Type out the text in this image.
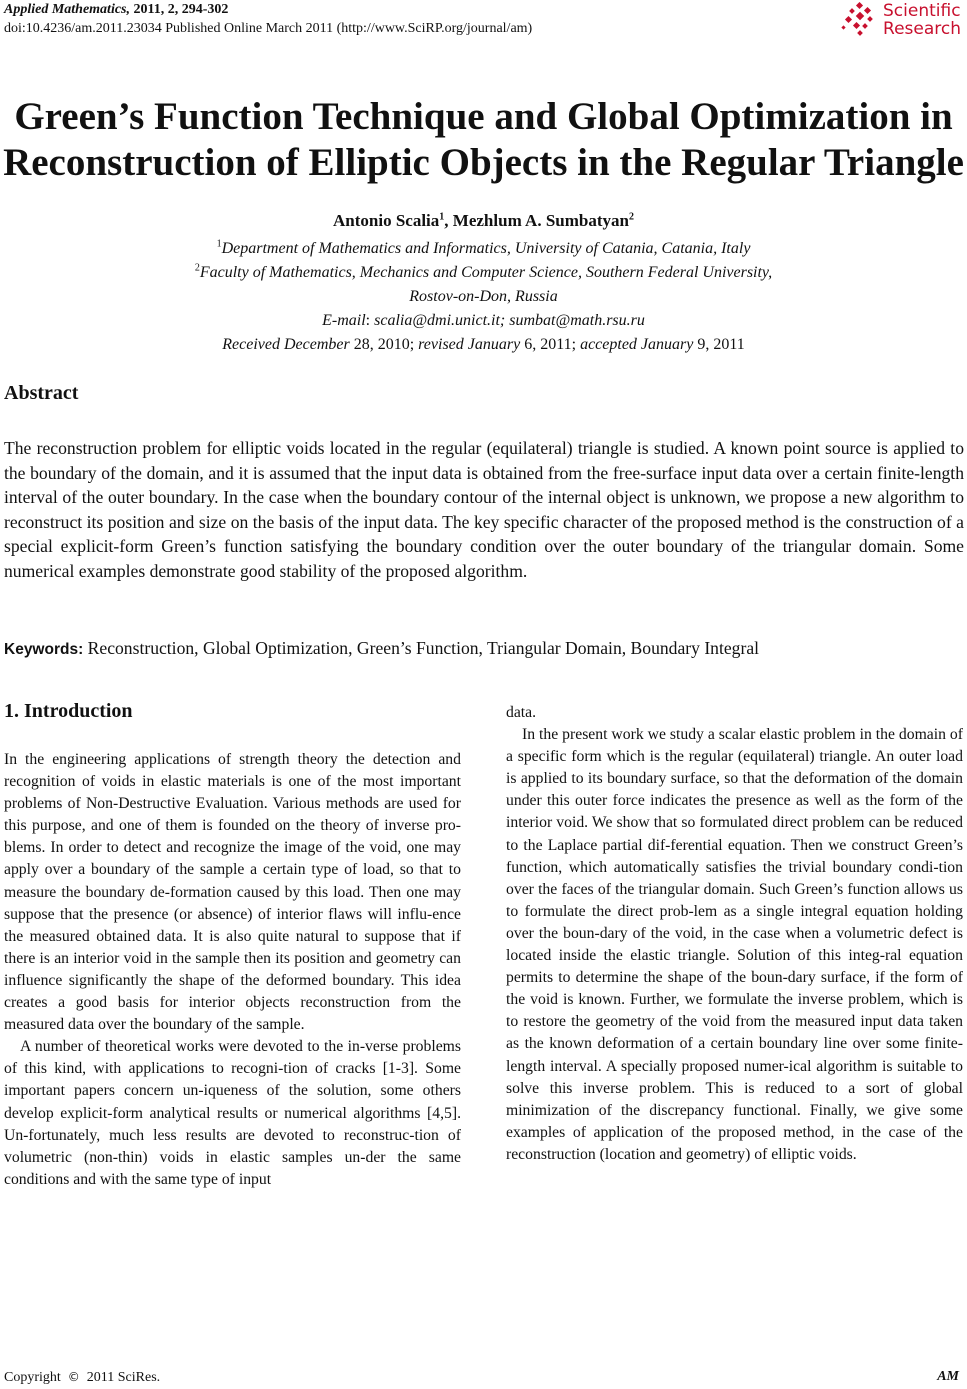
Applied Mathematics, 2011, 2, 294-302
doi:10.4236/am.2011.23034 Published Online March 2011 (http://www.SciRP.org/journal/am)
Scientific
Research
Green’s Function Technique and Global Optimization in
Reconstruction of Elliptic Objects in the Regular Triangle
Antonio Scalia$^1$, Mezhlum A. Sumbatyan$^2$
$^1$Department of Mathematics and Informatics, University of Catania, Catania, Italy
$^2$Faculty of Mathematics, Mechanics and Computer Science, Southern Federal University,
Rostov-on-Don, Russia
E-mail: scalia@dmi.unict.it; sumbat@math.rsu.ru
Received December 28, 2010; revised January 6, 2011; accepted January 9, 2011
Abstract

The reconstruction problem for elliptic voids located in the regular (equilateral) triangle is studied. A known point source is applied to the boundary of the domain, and it is assumed that the input data is obtained from the free-surface input data over a certain finite-length interval of the outer boundary. In the case when the boundary contour of the internal object is unknown, we propose a new algorithm to reconstruct its position and size on the basis of the input data. The key specific character of the proposed method is the construction of a special explicit-form Green’s function satisfying the boundary condition over the outer boundary of the triangular domain. Some numerical examples demonstrate good stability of the proposed algorithm.

Keywords: Reconstruction, Global Optimization, Green’s Function, Triangular Domain, Boundary Integral
1. Introduction

In the engineering applications of strength theory the detection and recognition of voids in elastic materials is one of the most important problems of Non-Destructive Evaluation. Various methods are used for this purpose, and one of them is founded on the theory of inverse pro-blems. In order to detect and recognize the image of the void, one may apply over a boundary of the sample a certain type of load, so that to measure the boundary de-formation caused by this load. Then one may suppose that the presence (or absence) of interior flaws will influ-ence the measured obtained data. It is also quite natural to suppose that if there is an interior void in the sample then its position and geometry can influence significantly the shape of the deformed boundary. This idea creates a good basis for interior objects reconstruction from the measured data over the boundary of the sample.

A number of theoretical works were devoted to the in-verse problems of this kind, with applications to recogni-tion of cracks [1-3]. Some important papers concern un-iqueness of the solution, some others develop explicit-form analytical results or numerical algorithms [4,5]. Un-fortunately, much less results are devoted to reconstruc-tion of volumetric (non-thin) voids in elastic samples un-der the same conditions and with the same type of input

data.

In the present work we study a scalar elastic problem in the domain of a specific form which is the regular (equilateral) triangle. An outer load is applied to its boundary surface, so that the deformation of the domain under this outer force indicates the presence as well as the form of the interior void. We show that so formulated direct problem can be reduced to the Laplace partial dif-ferential equation. Then we construct Green’s function, which automatically satisfies the trivial boundary condi-tion over the faces of the triangular domain. Such Green’s function allows us to formulate the direct prob-lem as a single integral equation holding over the boun-dary of the void, in the case when a volumetric defect is located inside the elastic triangle. Solution of this integ-ral equation permits to determine the shape of the boun-dary surface, if the form of the void is known. Further, we formulate the inverse problem, which is to restore the geometry of the void from the measured input data taken as the known deformation of a certain boundary line over some finite-length interval. A specially proposed numer-ical algorithm is suitable to solve this inverse problem. This is reduced to a sort of global minimization of the discrepancy functional. Finally, we give some examples of application of the proposed method, in the case of the reconstruction (location and geometry) of elliptic voids.

Copyright © 2011 SciRes.	AM
